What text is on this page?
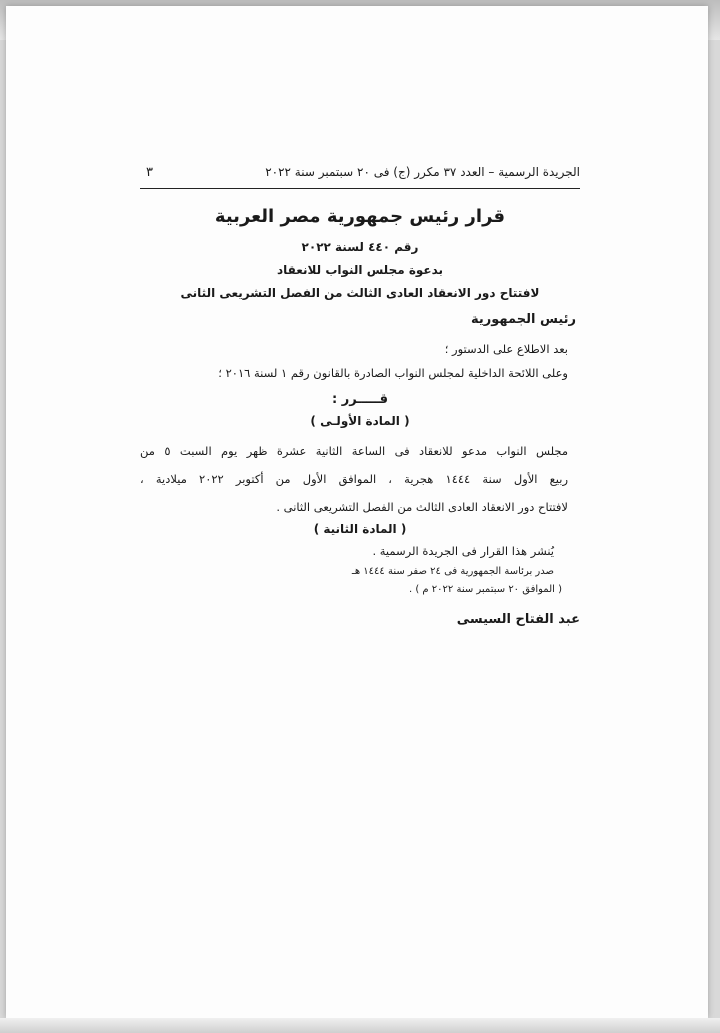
الجريدة الرسمية – العدد ٣٧ مكرر (ج) فى ٢٠ سبتمبر سنة ٢٠٢٢
٣
قرار رئيس جمهورية مصر العربية
رقم ٤٤٠ لسنة ٢٠٢٢
بدعوة مجلس النواب للانعقاد
لافتتاح دور الانعقاد العادى الثالث من الفصل التشريعى الثانى
رئيس الجمهورية
بعد الاطلاع على الدستور ؛
وعلى اللائحة الداخلية لمجلس النواب الصادرة بالقانون رقم ١ لسنة ٢٠١٦ ؛
قـــــرر :
( المادة الأولـى )
مجلس النواب مدعو للانعقاد فى الساعة الثانية عشرة ظهر يوم السبت ٥ من
ربيع الأول سنة ١٤٤٤ هجرية ، الموافق الأول من أكتوبر ٢٠٢٢ ميلادية ،
لافتتاح دور الانعقاد العادى الثالث من الفصل التشريعى الثانى .
( المادة الثانية )
يُنشر هذا القرار فى الجريدة الرسمية .
صدر برئاسة الجمهورية فى ٢٤ صفر سنة ١٤٤٤ هـ
( الموافق ٢٠ سبتمبر سنة ٢٠٢٢ م ) .
عبد الفتاح السيسى
